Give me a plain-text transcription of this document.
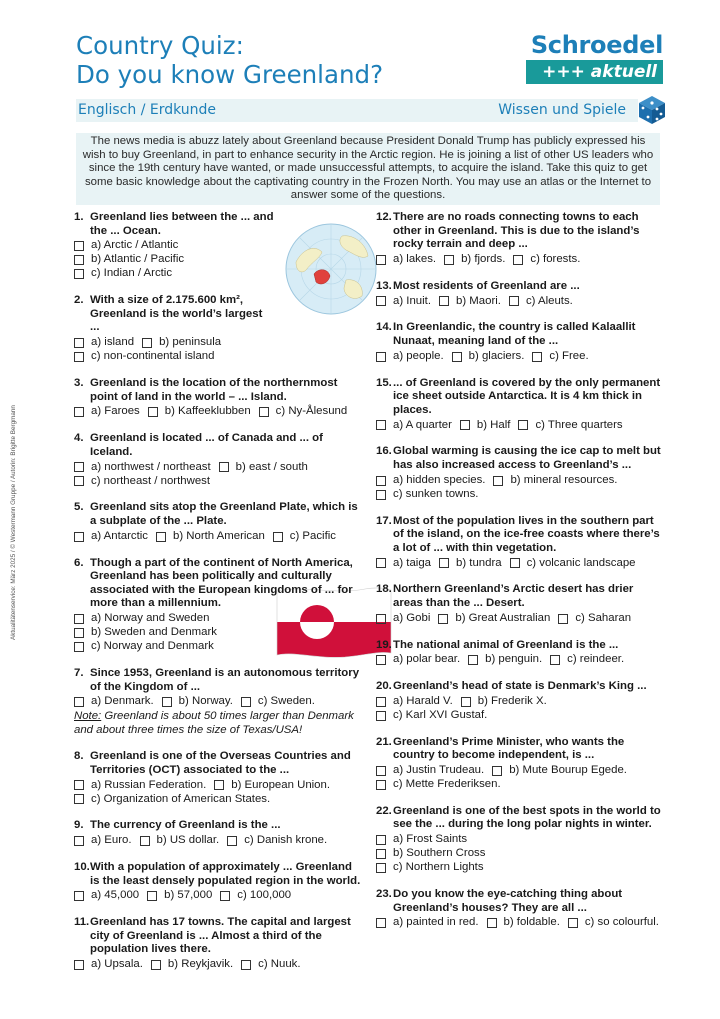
Country Quiz:
Do you know Greenland?
Schroedel
+++ aktuell
Englisch / Erdkunde	Wissen und Spiele

The news media is abuzz lately about Greenland because President Donald Trump has publicly expressed his wish to buy Greenland, in part to enhance security in the Arctic region. He is joining a list of other US leaders who since the 19th century have wanted, or made unsuccessful attempts, to acquire the island. Take this quiz to get some basic knowledge about the captivating country in the Frozen North. You may use an atlas or the Internet to answer some of the questions.

Aktualitätenservice: März 2025 / © Westermann Gruppe / Autorin: Brigitte Bergmann
1. Greenland lies between the ... and the ... Ocean.
a) Arctic / Atlantic
b) Atlantic / Pacific
c) Indian / Arctic
2. With a size of 2.175.600 km², Greenland is the world’s largest ...
a) island b) peninsula
c) non-continental island
3. Greenland is the location of the northernmost point of land in the world – ... Island.
a) Faroes b) Kaffeeklubben c) Ny-Ålesund
4. Greenland is located ... of Canada and ... of Iceland.
a) northwest / northeast b) east / south
c) northeast / northwest
5. Greenland sits atop the Greenland Plate, which is a subplate of the ... Plate.
a) Antarctic b) North American c) Pacific
6. Though a part of the continent of North America, Greenland has been politically and culturally associated with the European kingdoms of ... for more than a millennium.
a) Norway and Sweden
b) Sweden and Denmark
c) Norway and Denmark
7. Since 1953, Greenland is an autonomous territory of the Kingdom of ...
a) Denmark. b) Norway. c) Sweden.
Note: Greenland is about 50 times larger than Denmark and about three times the size of Texas/USA!
8. Greenland is one of the Overseas Countries and Territories (OCT) associated to the ...
a) Russian Federation. b) European Union.
c) Organization of American States.
9. The currency of Greenland is the ...
a) Euro. b) US dollar. c) Danish krone.
10. With a population of approximately ... Greenland is the least densely populated region in the world.
a) 45,000 b) 57,000 c) 100,000
11. Greenland has 17 towns. The capital and largest city of Greenland is ... Almost a third of the population lives there.
a) Upsala. b) Reykjavik. c) Nuuk.
12. There are no roads connecting towns to each other in Greenland. This is due to the island’s rocky terrain and deep ...
a) lakes. b) fjords. c) forests.
13. Most residents of Greenland are ...
a) Inuit. b) Maori. c) Aleuts.
14. In Greenlandic, the country is called Kalaallit Nunaat, meaning land of the ...
a) people. b) glaciers. c) Free.
15. ... of Greenland is covered by the only permanent ice sheet outside Antarctica. It is 4 km thick in places.
a) A quarter b) Half c) Three quarters
16. Global warming is causing the ice cap to melt but has also increased access to Greenland’s ...
a) hidden species. b) mineral resources.
c) sunken towns.
17. Most of the population lives in the southern part of the island, on the ice-free coasts where there’s a lot of ... with thin vegetation.
a) taiga b) tundra c) volcanic landscape
18. Northern Greenland’s Arctic desert has drier areas than the ... Desert.
a) Gobi b) Great Australian c) Saharan
19. The national animal of Greenland is the ...
a) polar bear. b) penguin. c) reindeer.
20. Greenland’s head of state is Denmark’s King ...
a) Harald V. b) Frederik X.
c) Karl XVI Gustaf.
21. Greenland’s Prime Minister, who wants the country to become independent, is ...
a) Justin Trudeau. b) Mute Bourup Egede.
c) Mette Frederiksen.
22. Greenland is one of the best spots in the world to see the ... during the long polar nights in winter.
a) Frost Saints
b) Southern Cross
c) Northern Lights
23. Do you know the eye-catching thing about Greenland’s houses? They are all ...
a) painted in red. b) foldable. c) so colourful.
